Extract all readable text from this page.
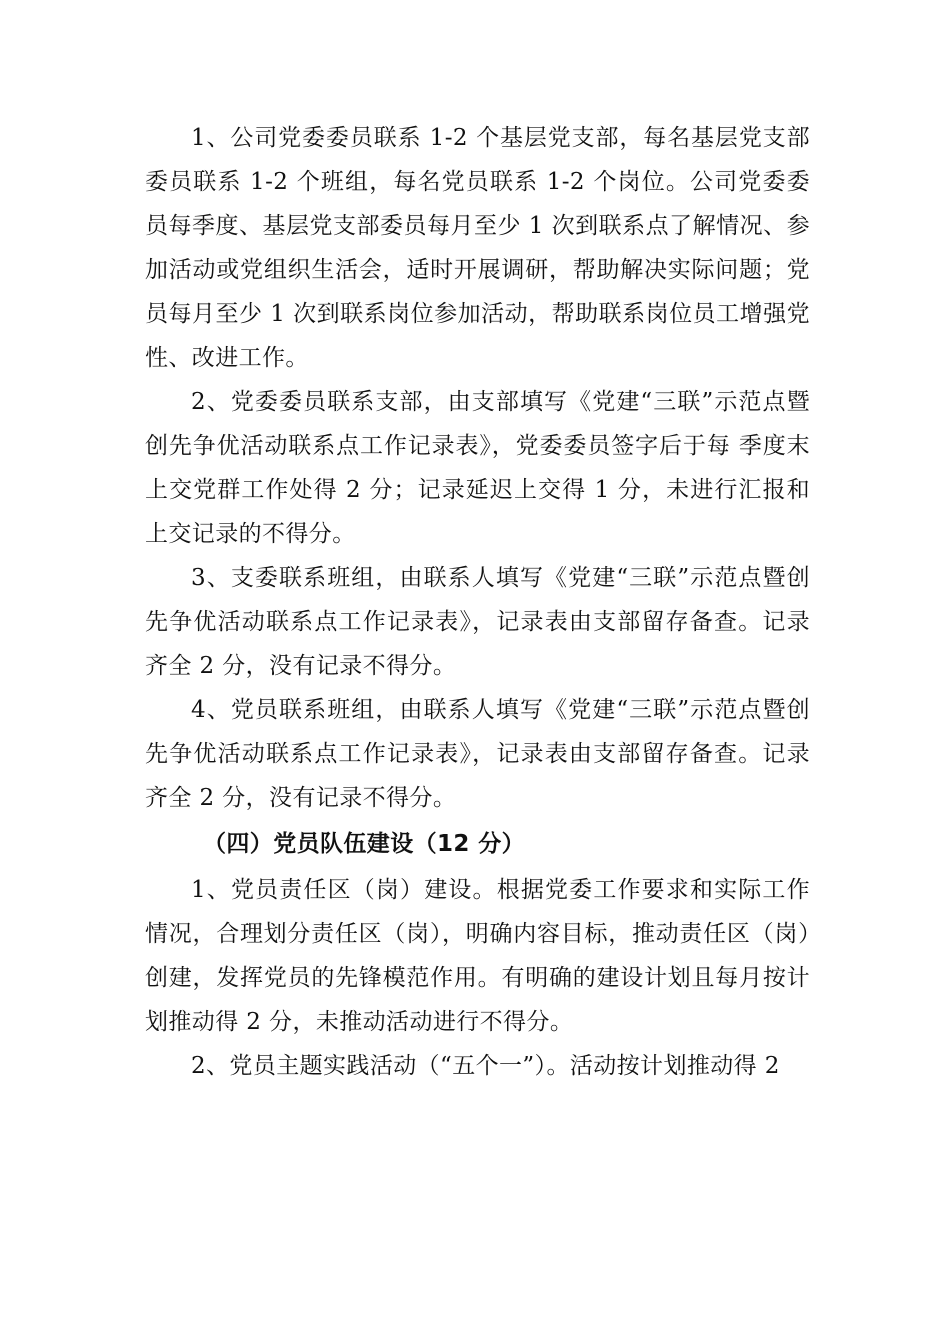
1、公司党委委员联系 1-2 个基层党支部，每名基层党支部委员联系 1-2 个班组，每名党员联系 1-2 个岗位。公司党委委员每季度、基层党支部委员每月至少 1 次到联系点了解情况、参加活动或党组织生活会，适时开展调研，帮助解决实际问题；党员每月至少 1 次到联系岗位参加活动，帮助联系岗位员工增强党性、改进工作。

2、党委委员联系支部，由支部填写《党建“三联”示范点暨创先争优活动联系点工作记录表》，党委委员签字后于每 季度末上交党群工作处得 2 分；记录延迟上交得 1 分，未进行汇报和上交记录的不得分。

3、支委联系班组，由联系人填写《党建“三联”示范点暨创先争优活动联系点工作记录表》，记录表由支部留存备查。记录齐全 2 分，没有记录不得分。

4、党员联系班组，由联系人填写《党建“三联”示范点暨创先争优活动联系点工作记录表》，记录表由支部留存备查。记录齐全 2 分，没有记录不得分。

（四）党员队伍建设（12 分）

1、党员责任区（岗）建设。根据党委工作要求和实际工作情况，合理划分责任区（岗），明确内容目标，推动责任区（岗）创建，发挥党员的先锋模范作用。有明确的建设计划且每月按计划推动得 2 分，未推动活动进行不得分。

2、党员主题实践活动（“五个一”）。活动按计划推动得 2
